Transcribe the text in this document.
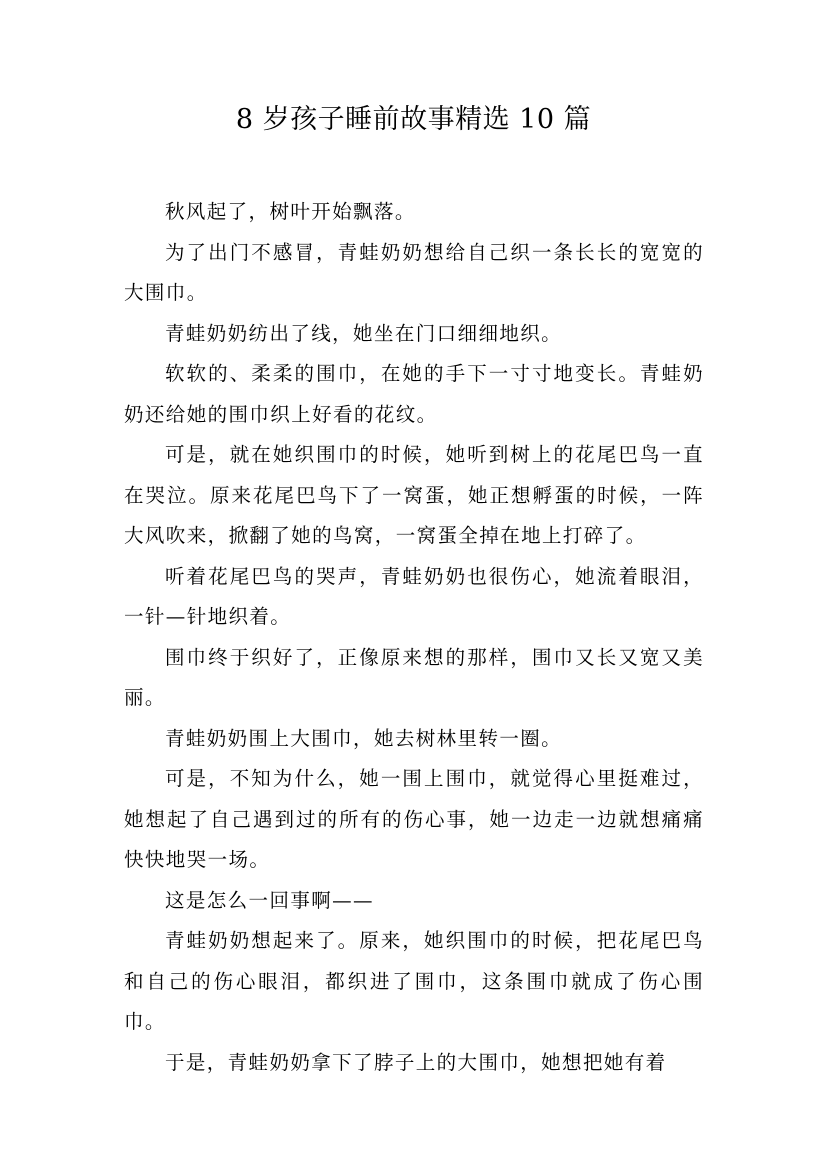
8 岁孩子睡前故事精选 10 篇

秋风起了，树叶开始飘落。

为了出门不感冒，青蛙奶奶想给自己织一条长长的宽宽的大围巾。

青蛙奶奶纺出了线，她坐在门口细细地织。

软软的、柔柔的围巾，在她的手下一寸寸地变长。青蛙奶奶还给她的围巾织上好看的花纹。

可是，就在她织围巾的时候，她听到树上的花尾巴鸟一直在哭泣。原来花尾巴鸟下了一窝蛋，她正想孵蛋的时候，一阵大风吹来，掀翻了她的鸟窝，一窝蛋全掉在地上打碎了。

听着花尾巴鸟的哭声，青蛙奶奶也很伤心，她流着眼泪，一针—针地织着。

围巾终于织好了，正像原来想的那样，围巾又长又宽又美丽。

青蛙奶奶围上大围巾，她去树林里转一圈。

可是，不知为什么，她一围上围巾，就觉得心里挺难过，她想起了自己遇到过的所有的伤心事，她一边走一边就想痛痛快快地哭一场。

这是怎么一回事啊——

青蛙奶奶想起来了。原来，她织围巾的时候，把花尾巴鸟和自己的伤心眼泪，都织进了围巾，这条围巾就成了伤心围巾。

于是，青蛙奶奶拿下了脖子上的大围巾，她想把她有着
